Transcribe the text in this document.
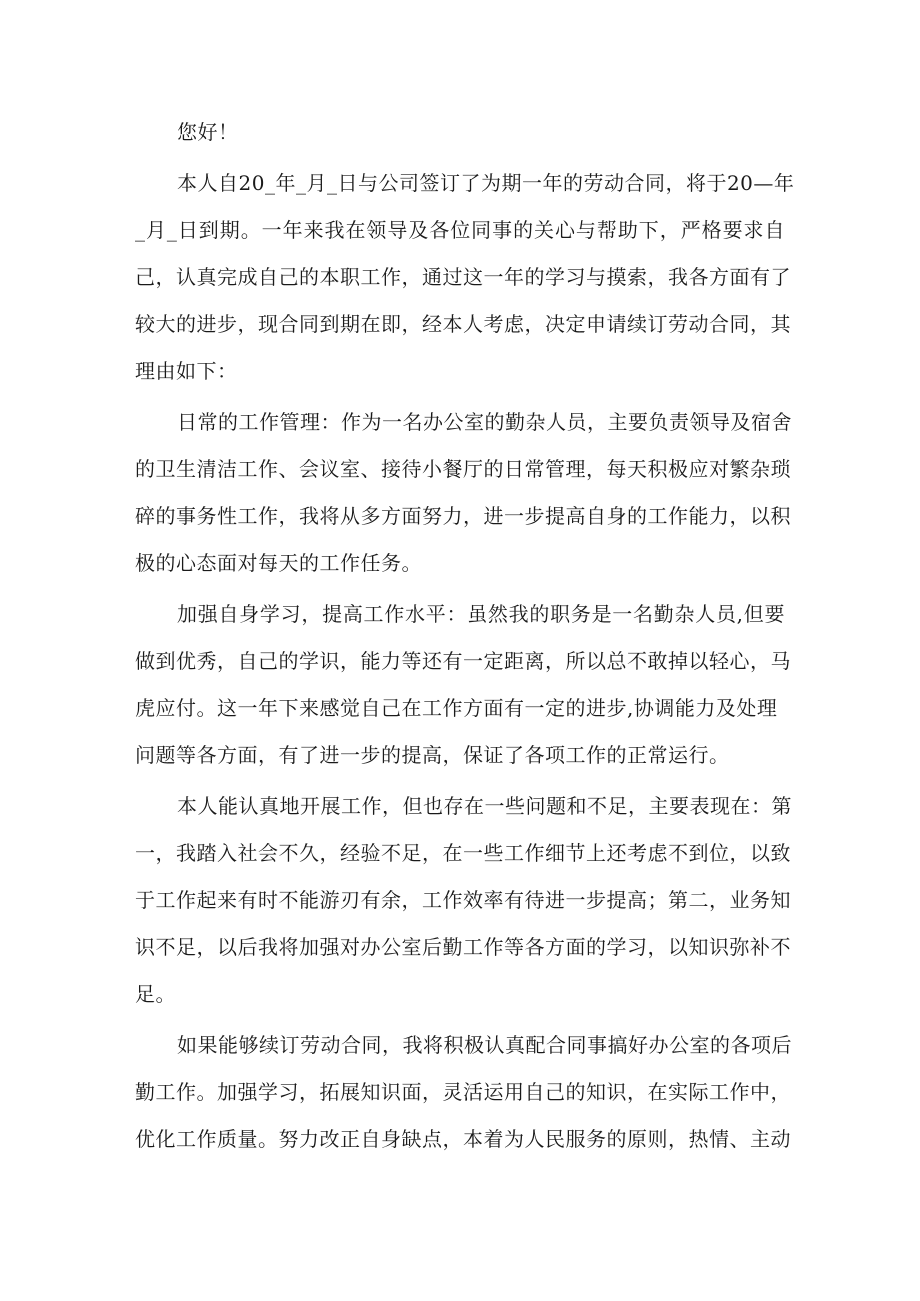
您好！
本人自20_年_月_日与公司签订了为期一年的劳动合同，将于20—年
_月_日到期。一年来我在领导及各位同事的关心与帮助下，严格要求自
己，认真完成自己的本职工作，通过这一年的学习与摸索，我各方面有了
较大的进步，现合同到期在即，经本人考虑，决定申请续订劳动合同，其
理由如下：
日常的工作管理：作为一名办公室的勤杂人员，主要负责领导及宿舍
的卫生清洁工作、会议室、接待小餐厅的日常管理，每天积极应对繁杂琐
碎的事务性工作，我将从多方面努力，进一步提高自身的工作能力，以积
极的心态面对每天的工作任务。
加强自身学习，提高工作水平：虽然我的职务是一名勤杂人员,但要
做到优秀，自己的学识，能力等还有一定距离，所以总不敢掉以轻心，马
虎应付。这一年下来感觉自己在工作方面有一定的进步,协调能力及处理
问题等各方面，有了进一步的提高，保证了各项工作的正常运行。
本人能认真地开展工作，但也存在一些问题和不足，主要表现在：第
一，我踏入社会不久，经验不足，在一些工作细节上还考虑不到位，以致
于工作起来有时不能游刃有余，工作效率有待进一步提高；第二，业务知
识不足，以后我将加强对办公室后勤工作等各方面的学习，以知识弥补不
足。
如果能够续订劳动合同，我将积极认真配合同事搞好办公室的各项后
勤工作。加强学习，拓展知识面，灵活运用自己的知识，在实际工作中，
优化工作质量。努力改正自身缺点，本着为人民服务的原则，热情、主动
